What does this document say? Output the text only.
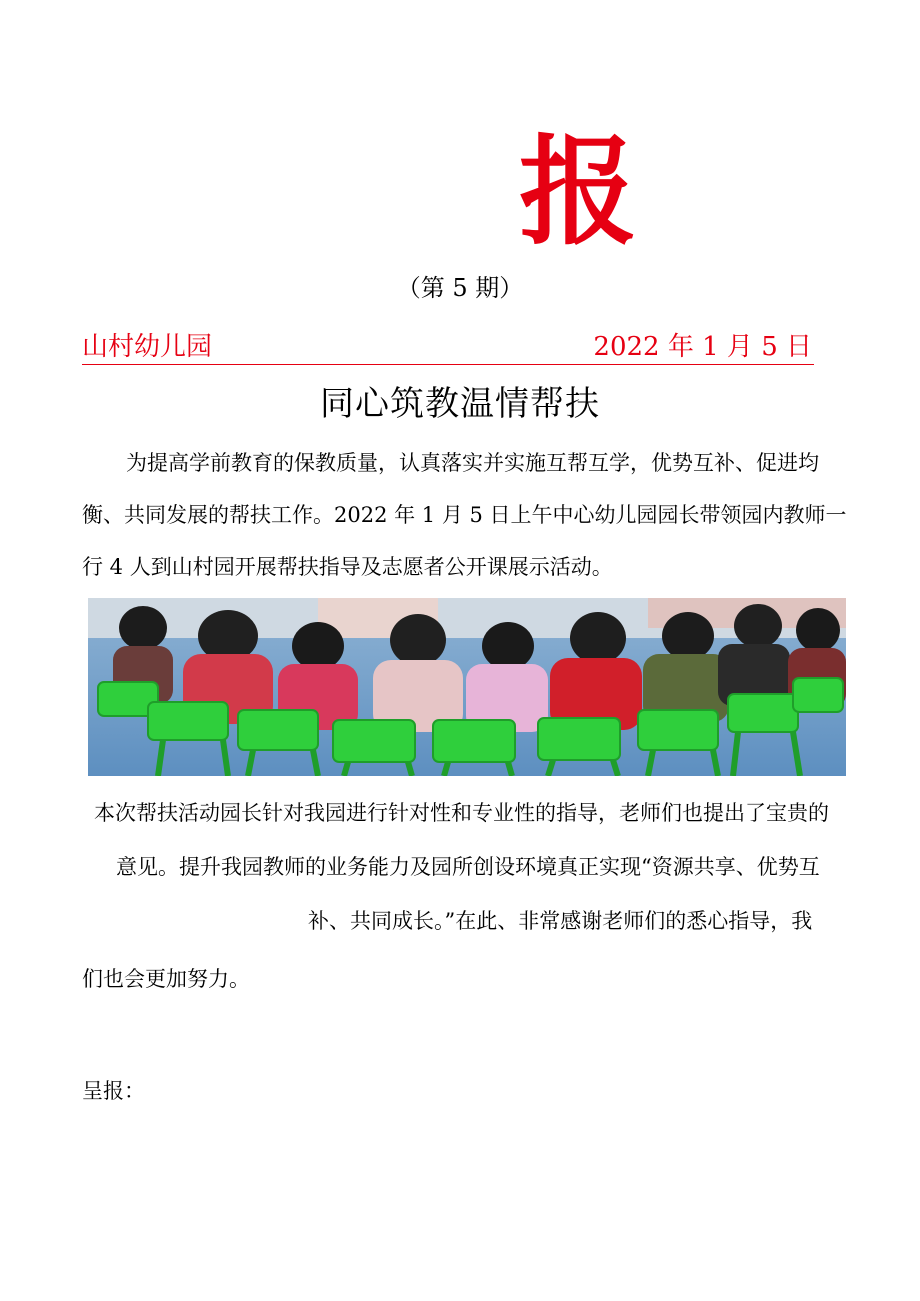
报
（第 5 期）
山村幼儿园	2022 年 1 月 5 日
同心筑教温情帮扶
为提高学前教育的保教质量，认真落实并实施互帮互学，优势互补、促进均
衡、共同发展的帮扶工作。2022 年 1 月 5 日上午中心幼儿园园长带领园内教师一
行 4 人到山村园开展帮扶指导及志愿者公开课展示活动。
本次帮扶活动园长针对我园进行针对性和专业性的指导，老师们也提出了宝贵的
意见。提升我园教师的业务能力及园所创设环境真正实现“资源共享、优势互
补、共同成长。”在此、非常感谢老师们的悉心指导，我
们也会更加努力。
呈报：
